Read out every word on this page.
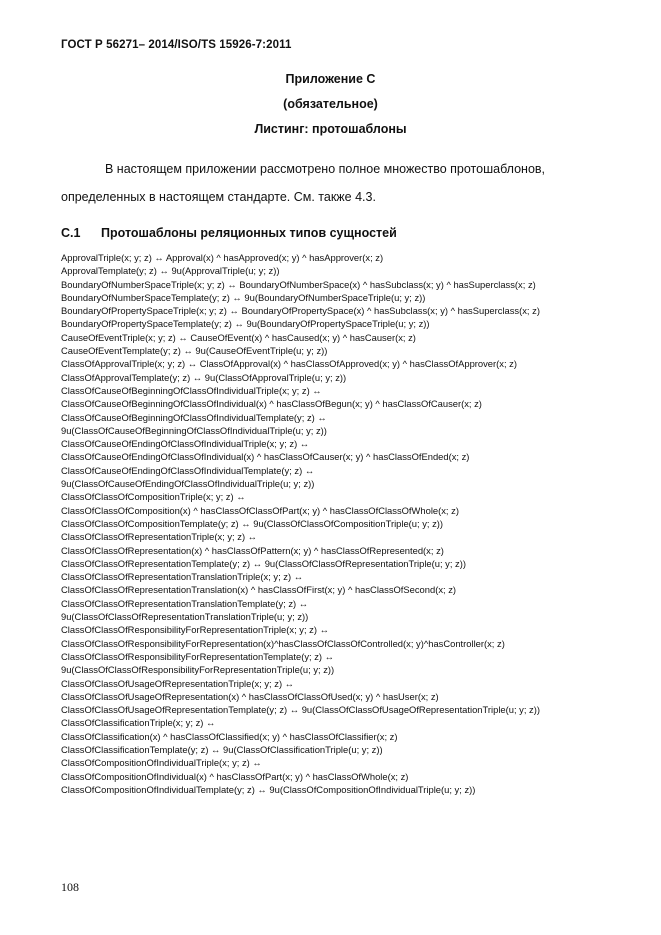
ГОСТ Р 56271– 2014/ISO/TS 15926-7:2011
Приложение С
(обязательное)
Листинг: протошаблоны
В настоящем приложении рассмотрено полное множество протошаблонов,
определенных в настоящем стандарте. См. также 4.3.
С.1 Протошаблоны реляционных типов сущностей
ApprovalTriple(x; y; z) ↔ Approval(x) ^ hasApproved(x; y) ^ hasApprover(x; z)
ApprovalTemplate(y; z) ↔ 9u(ApprovalTriple(u; y; z))
BoundaryOfNumberSpaceTriple(x; y; z) ↔ BoundaryOfNumberSpace(x) ^ hasSubclass(x; y) ^ hasSuperclass(x; z)
BoundaryOfNumberSpaceTemplate(y; z) ↔ 9u(BoundaryOfNumberSpaceTriple(u; y; z))
BoundaryOfPropertySpaceTriple(x; y; z) ↔ BoundaryOfPropertySpace(x) ^ hasSubclass(x; y) ^ hasSuperclass(x; z)
BoundaryOfPropertySpaceTemplate(y; z) ↔ 9u(BoundaryOfPropertySpaceTriple(u; y; z))
CauseOfEventTriple(x; y; z) ↔ CauseOfEvent(x) ^ hasCaused(x; y) ^ hasCauser(x; z)
CauseOfEventTemplate(y; z) ↔ 9u(CauseOfEventTriple(u; y; z))
ClassOfApprovalTriple(x; y; z) ↔ ClassOfApproval(x) ^ hasClassOfApproved(x; y) ^ hasClassOfApprover(x; z)
ClassOfApprovalTemplate(y; z) ↔ 9u(ClassOfApprovalTriple(u; y; z))
ClassOfCauseOfBeginningOfClassOfIndividualTriple(x; y; z) ↔
ClassOfCauseOfBeginningOfClassOfIndividual(x) ^ hasClassOfBegun(x; y) ^ hasClassOfCauser(x; z)
ClassOfCauseOfBeginningOfClassOfIndividualTemplate(y; z) ↔
9u(ClassOfCauseOfBeginningOfClassOfIndividualTriple(u; y; z))
ClassOfCauseOfEndingOfClassOfIndividualTriple(x; y; z) ↔
ClassOfCauseOfEndingOfClassOfIndividual(x) ^ hasClassOfCauser(x; y) ^ hasClassOfEnded(x; z)
ClassOfCauseOfEndingOfClassOfIndividualTemplate(y; z) ↔
9u(ClassOfCauseOfEndingOfClassOfIndividualTriple(u; y; z))
ClassOfClassOfCompositionTriple(x; y; z) ↔
ClassOfClassOfComposition(x) ^ hasClassOfClassOfPart(x; y) ^ hasClassOfClassOfWhole(x; z)
ClassOfClassOfCompositionTemplate(y; z) ↔ 9u(ClassOfClassOfCompositionTriple(u; y; z))
ClassOfClassOfRepresentationTriple(x; y; z) ↔
ClassOfClassOfRepresentation(x) ^ hasClassOfPattern(x; y) ^ hasClassOfRepresented(x; z)
ClassOfClassOfRepresentationTemplate(y; z) ↔ 9u(ClassOfClassOfRepresentationTriple(u; y; z))
ClassOfClassOfRepresentationTranslationTriple(x; y; z) ↔
ClassOfClassOfRepresentationTranslation(x) ^ hasClassOfFirst(x; y) ^ hasClassOfSecond(x; z)
ClassOfClassOfRepresentationTranslationTemplate(y; z) ↔
9u(ClassOfClassOfRepresentationTranslationTriple(u; y; z))
ClassOfClassOfResponsibilityForRepresentationTriple(x; y; z) ↔
ClassOfClassOfResponsibilityForRepresentation(x)^hasClassOfClassOfControlled(x; y)^hasController(x; z)
ClassOfClassOfResponsibilityForRepresentationTemplate(y; z) ↔
9u(ClassOfClassOfResponsibilityForRepresentationTriple(u; y; z))
ClassOfClassOfUsageOfRepresentationTriple(x; y; z) ↔
ClassOfClassOfUsageOfRepresentation(x) ^ hasClassOfClassOfUsed(x; y) ^ hasUser(x; z)
ClassOfClassOfUsageOfRepresentationTemplate(y; z) ↔ 9u(ClassOfClassOfUsageOfRepresentationTriple(u; y; z))
ClassOfClassificationTriple(x; y; z) ↔
ClassOfClassification(x) ^ hasClassOfClassified(x; y) ^ hasClassOfClassifier(x; z)
ClassOfClassificationTemplate(y; z) ↔ 9u(ClassOfClassificationTriple(u; y; z))
ClassOfCompositionOfIndividualTriple(x; y; z) ↔
ClassOfCompositionOfIndividual(x) ^ hasClassOfPart(x; y) ^ hasClassOfWhole(x; z)
ClassOfCompositionOfIndividualTemplate(y; z) ↔ 9u(ClassOfCompositionOfIndividualTriple(u; y; z))
108
